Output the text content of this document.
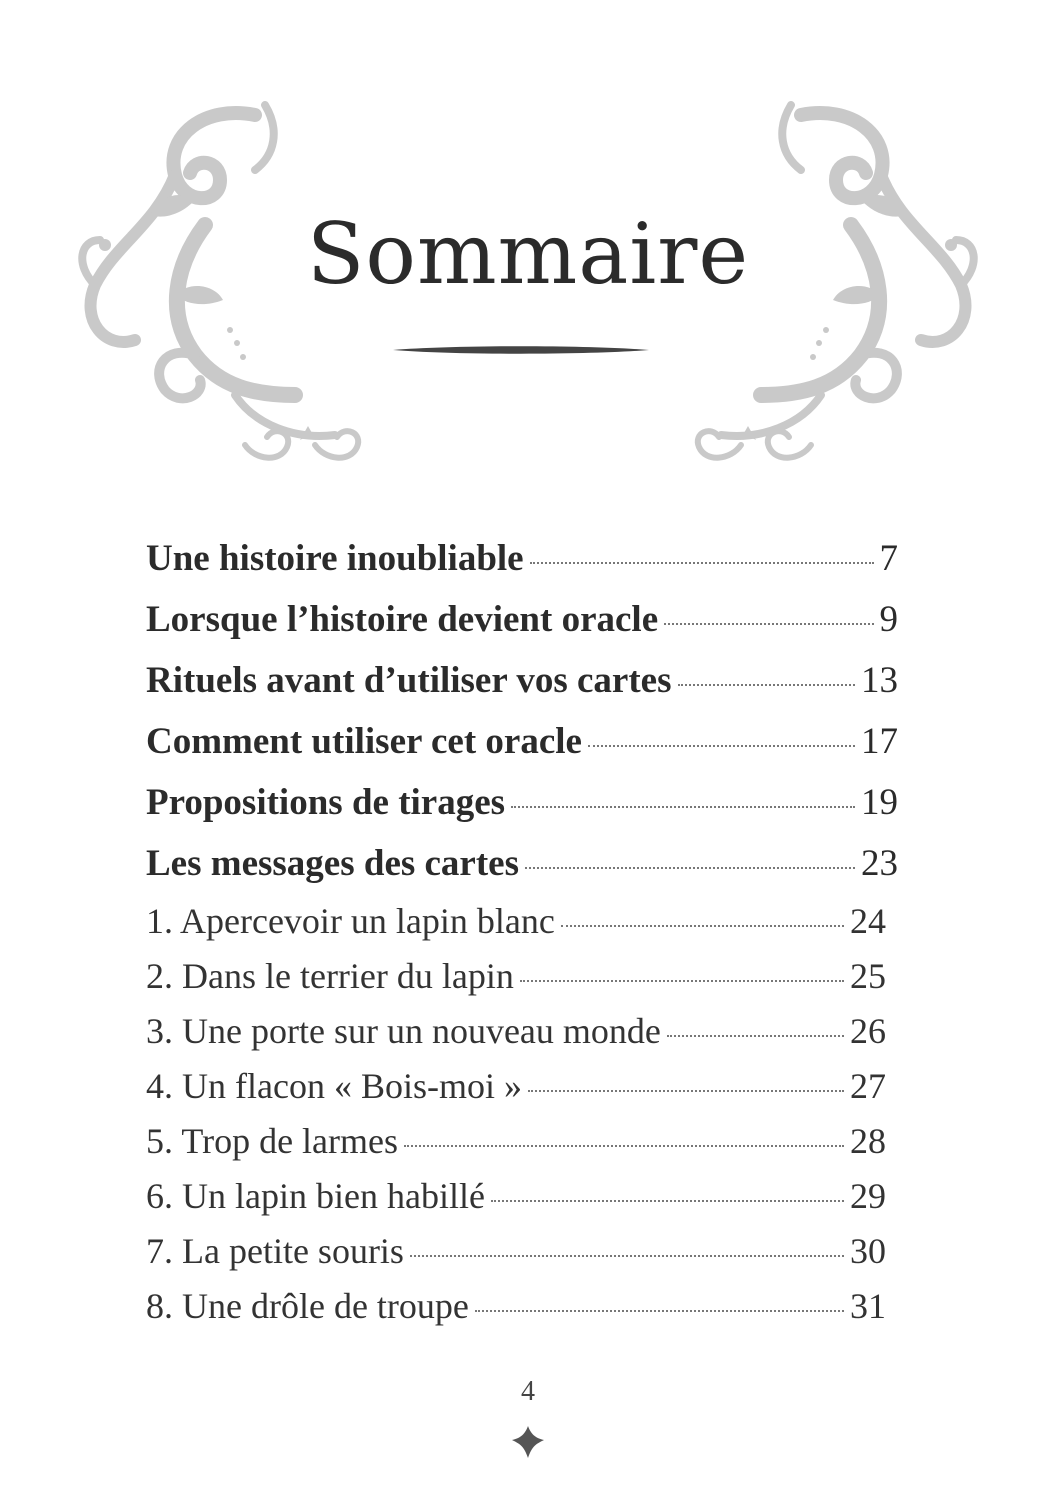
Sommaire
Une histoire inoubliable	7
Lorsque l’histoire devient oracle	9
Rituels avant d’utiliser vos cartes	13
Comment utiliser cet oracle	17
Propositions de tirages	19
Les messages des cartes	23
1. Apercevoir un lapin blanc	24
2. Dans le terrier du lapin	25
3. Une porte sur un nouveau monde	26
4. Un flacon « Bois-moi »	27
5. Trop de larmes	28
6. Un lapin bien habillé	29
7. La petite souris	30
8. Une drôle de troupe	31
4
